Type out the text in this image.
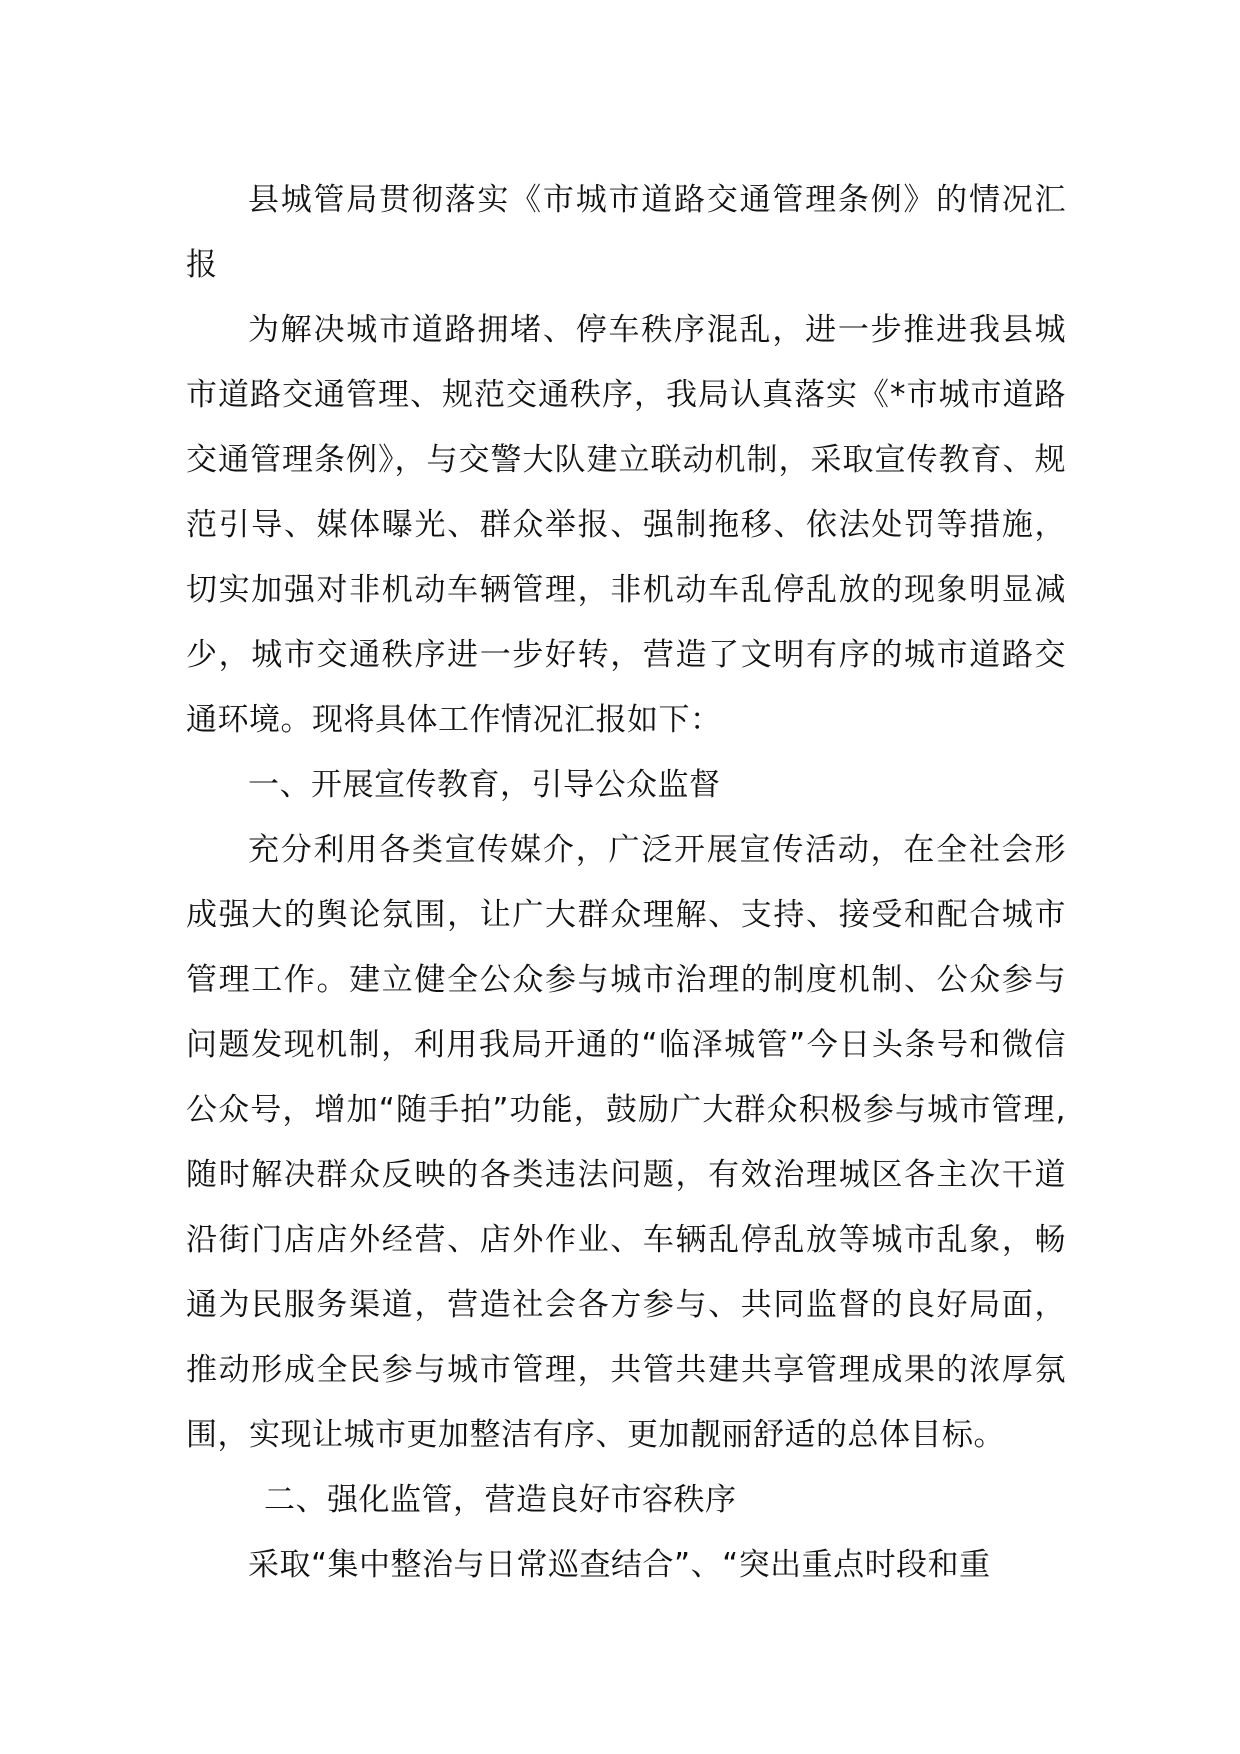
县城管局贯彻落实《市城市道路交通管理条例》的情况汇报

为解决城市道路拥堵、停车秩序混乱，进一步推进我县城市道路交通管理、规范交通秩序，我局认真落实《*市城市道路交通管理条例》，与交警大队建立联动机制，采取宣传教育、规范引导、媒体曝光、群众举报、强制拖移、依法处罚等措施，切实加强对非机动车辆管理，非机动车乱停乱放的现象明显减少，城市交通秩序进一步好转，营造了文明有序的城市道路交通环境。现将具体工作情况汇报如下：

一、开展宣传教育，引导公众监督

充分利用各类宣传媒介，广泛开展宣传活动，在全社会形成强大的舆论氛围，让广大群众理解、支持、接受和配合城市管理工作。建立健全公众参与城市治理的制度机制、公众参与问题发现机制，利用我局开通的“临泽城管”今日头条号和微信公众号，增加“随手拍”功能，鼓励广大群众积极参与城市管理,随时解决群众反映的各类违法问题，有效治理城区各主次干道沿街门店店外经营、店外作业、车辆乱停乱放等城市乱象，畅通为民服务渠道，营造社会各方参与、共同监督的良好局面，推动形成全民参与城市管理，共管共建共享管理成果的浓厚氛围，实现让城市更加整洁有序、更加靓丽舒适的总体目标。

二、强化监管，营造良好市容秩序

采取“集中整治与日常巡查结合”、“突出重点时段和重
